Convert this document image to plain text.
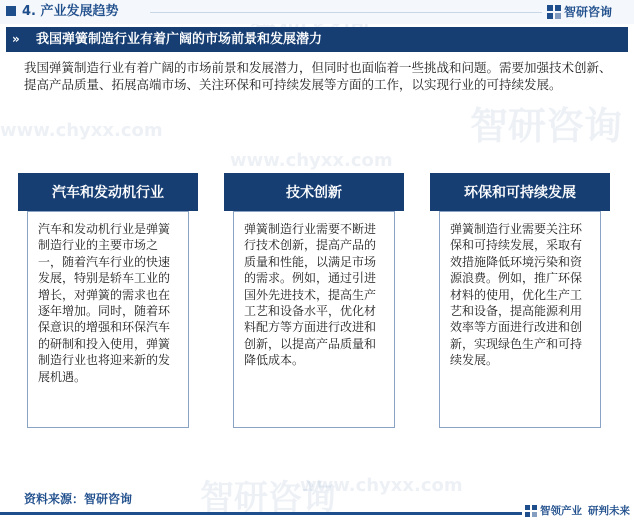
智研咨询
www.chyxx.com
www.chyxx.com
智研咨询
智研咨询
www.chyxx.com
4. 产业发展趋势	智研咨询
» 我国弹簧制造行业有着广阔的市场前景和发展潜力
我国弹簧制造行业有着广阔的市场前景和发展潜力，但同时也面临着一些挑战和问题。需要加强技术创新、提高产品质量、拓展高端市场、关注环保和可持续发展等方面的工作，以实现行业的可持续发展。
汽车和发动机行业
汽车和发动机行业是弹簧制造行业的主要市场之一，随着汽车行业的快速发展，特别是轿车工业的增长，对弹簧的需求也在逐年增加。同时，随着环保意识的增强和环保汽车的研制和投入使用，弹簧制造行业也将迎来新的发展机遇。
技术创新
弹簧制造行业需要不断进行技术创新，提高产品的质量和性能，以满足市场的需求。例如，通过引进国外先进技术，提高生产工艺和设备水平，优化材料配方等方面进行改进和创新，以提高产品质量和降低成本。
环保和可持续发展
弹簧制造行业需要关注环保和可持续发展，采取有效措施降低环境污染和资源浪费。例如，推广环保材料的使用，优化生产工艺和设备，提高能源利用效率等方面进行改进和创新，实现绿色生产和可持续发展。
资料来源：智研咨询
智领产业 研判未来
